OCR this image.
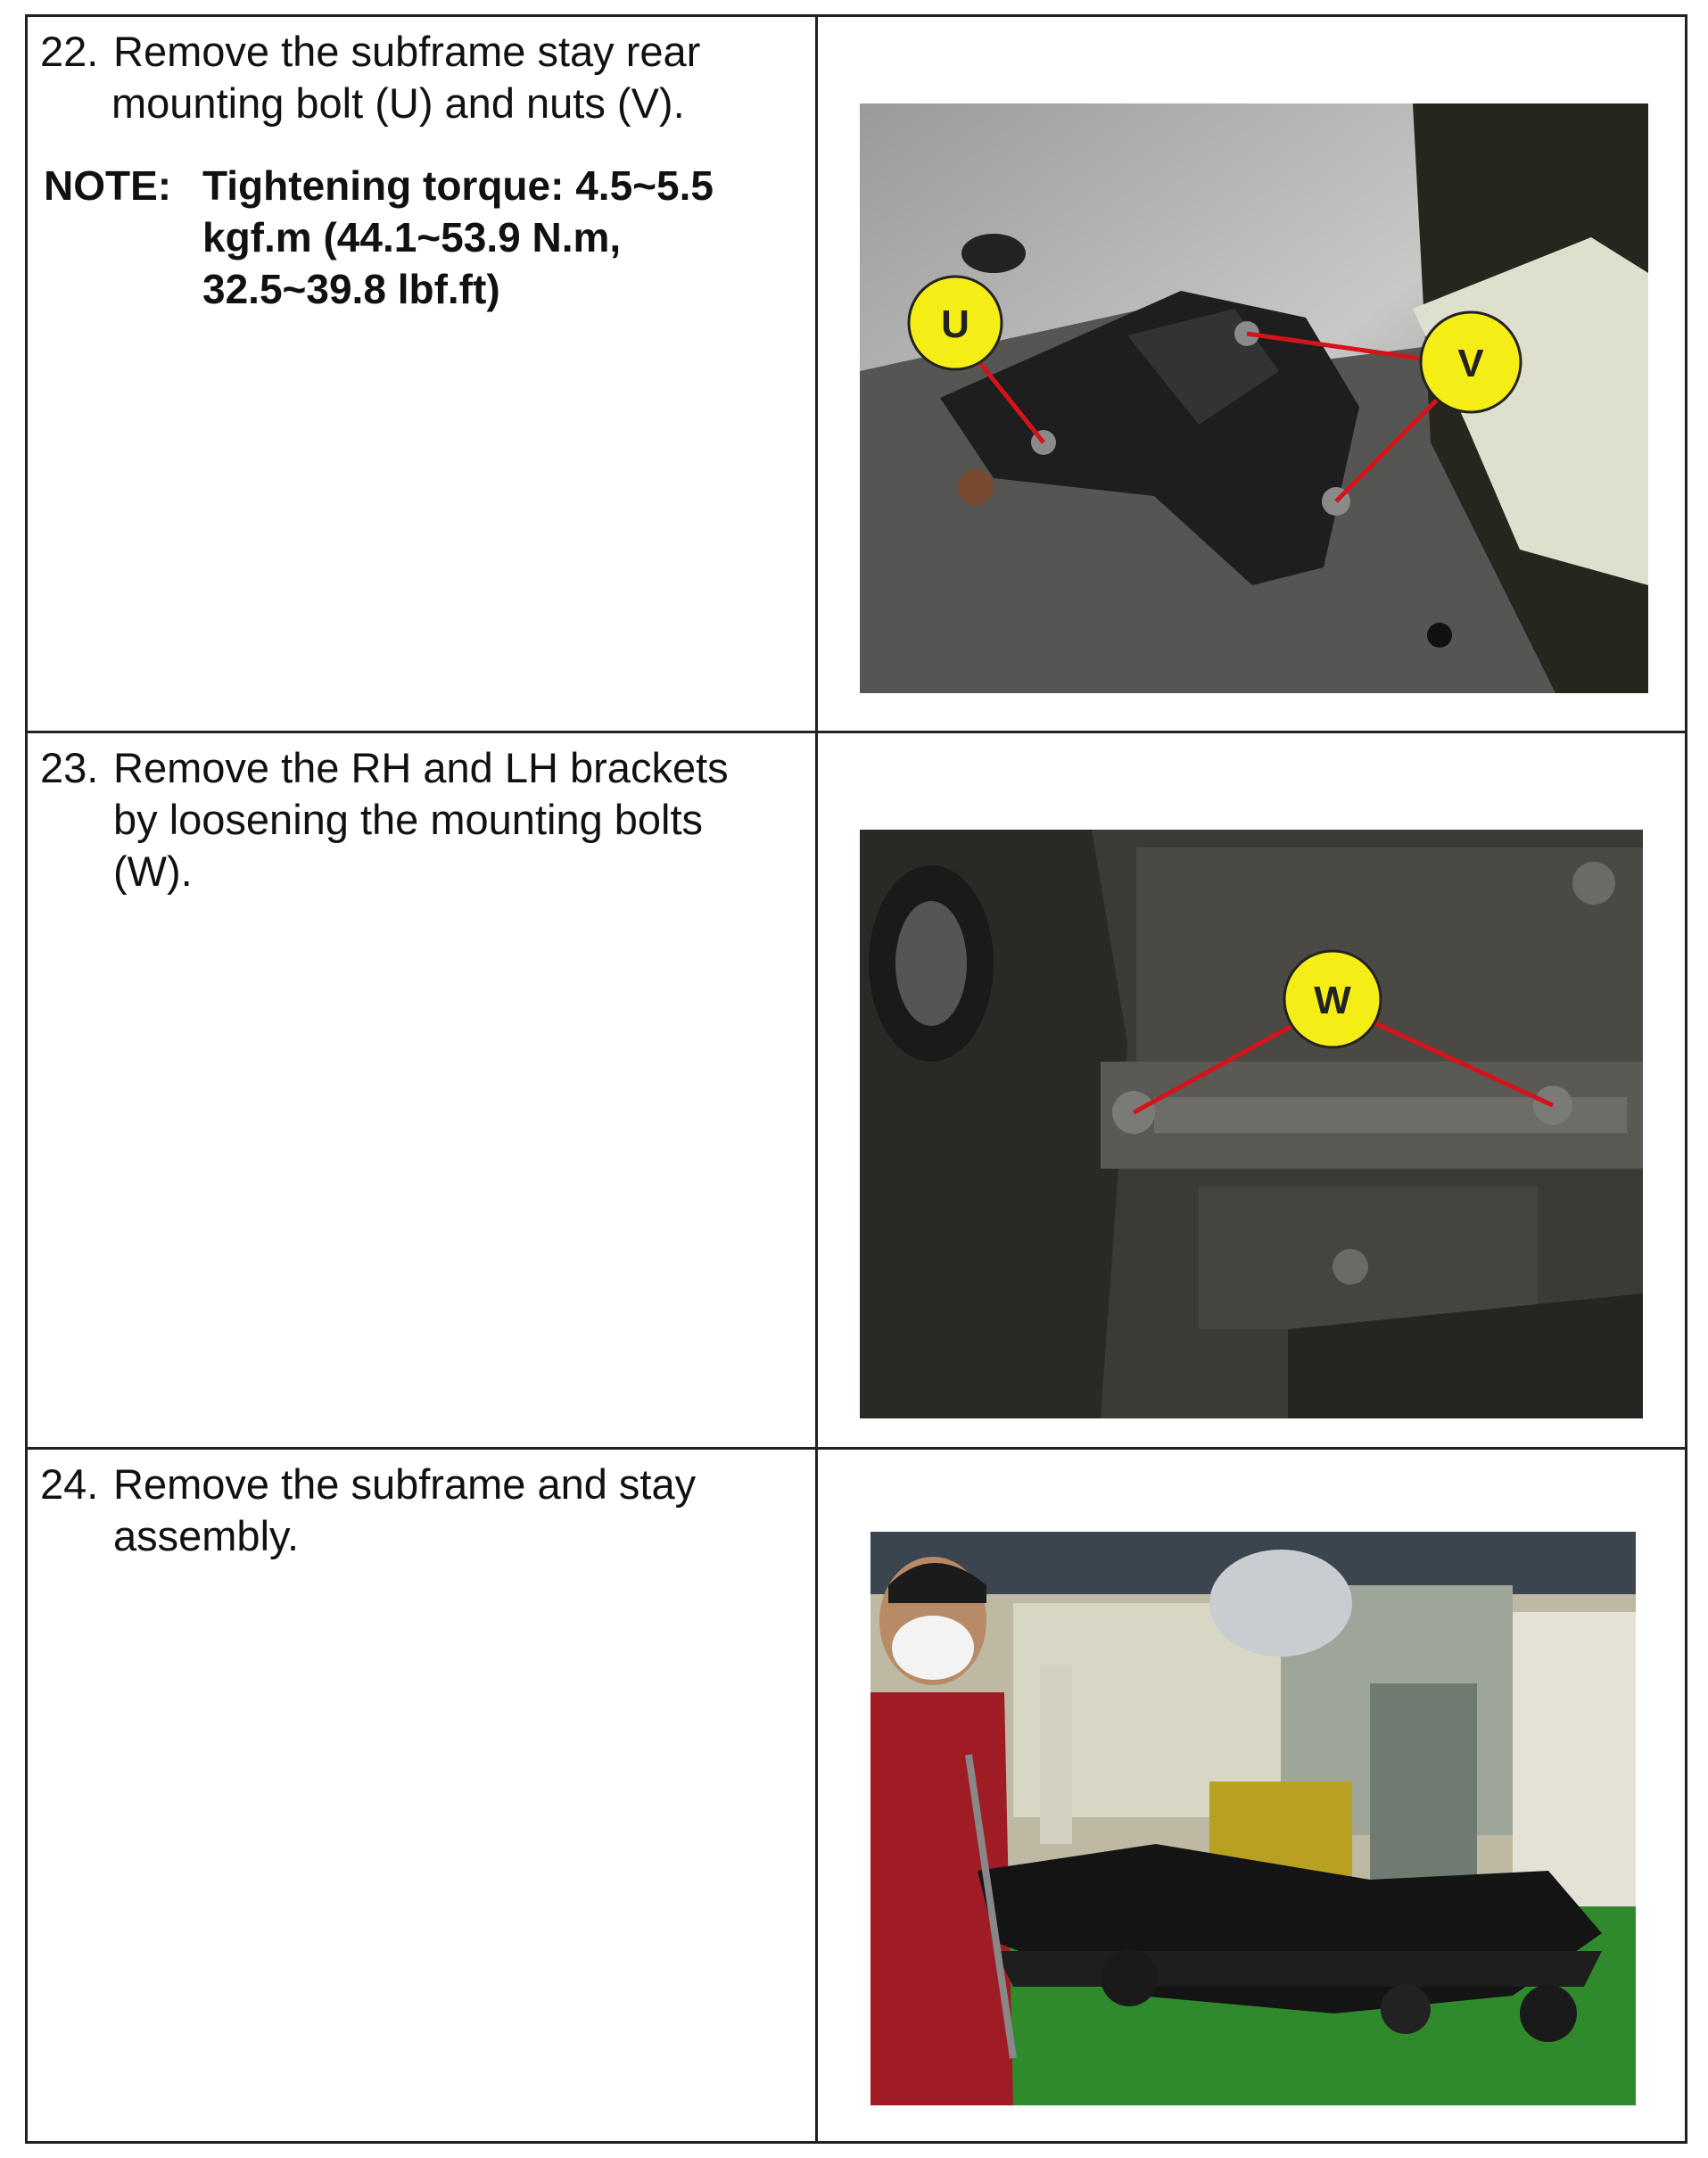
22. Remove the subframe stay rear
mounting bolt (U) and nuts (V).
NOTE: Tightening torque: 4.5~5.5
kgf.m (44.1~53.9 N.m,
32.5~39.8 lbf.ft)
U
V
23. Remove the RH and LH brackets
by loosening the mounting bolts
(W).
W
24. Remove the subframe and stay
assembly.
